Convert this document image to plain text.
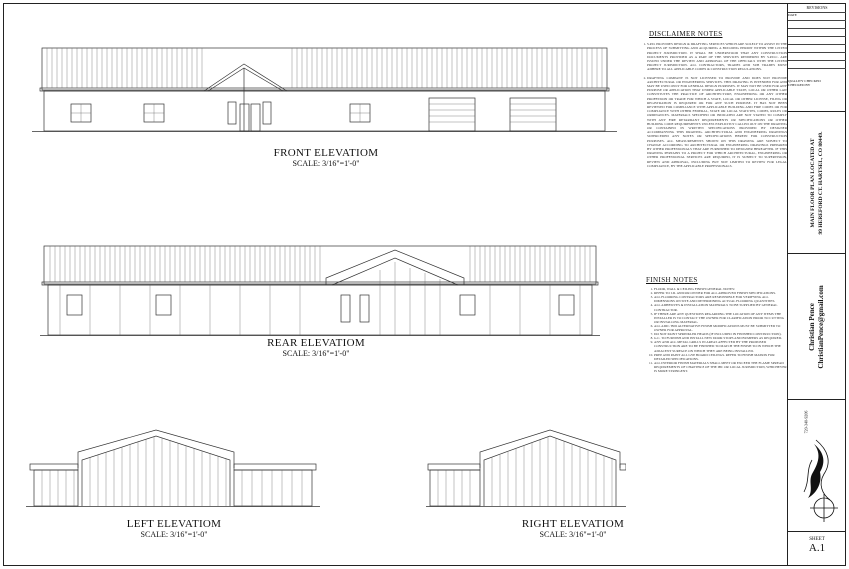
FRONT ELEVATIOM
SCALE: 3/16"=1'-0"
REAR ELEVATIOM
SCALE: 3/16"=1'-0"
LEFT ELEVATIOM
SCALE: 3/16"=1'-0"
RIGHT ELEVATIOM
SCALE: 3/16"=1'-0"
DISCLAIMER NOTES
1. S.P.D. PROVIDES DESIGN & DRAFTING SERVICES WHICH ARE SOLELY TO ASSIST IN THE PROCESS OF SUBMITTING AND ACQUIRING A BUILDING PERMIT WITHIN THE LISTED PROJECT JURISDICTION. IT SHALL BE UNDERSTOOD THAT ANY CONSTRUCTION DOCUMENTS PROVIDED AS A PART OF THE SERVICES RENDERED BY S.P.D.C. ARE ISSUED UNDER THE REVIEW AND APPROVAL OF THE OFFICIALS WITH THE LISTED PROJECT JURISDICTION. ALL CONTRACTORS, TRADES AND SUB TRADES MUST ADHERE TO ALL APPLICABLE CODES & CONSTRUCTION REGULATIONS.
2. DRAFTING COMPANY IS NOT LICENSED TO PROVIDE AND DOES NOT PROVIDE ARCHITECTURAL OR ENGINEERING SERVICES. THIS DRAWING IS INTENDED FOR AND MAY BE USED ONLY FOR GENERAL DESIGN PURPOSES. IT MAY NOT BE USED FOR ANY PURPOSE OR APPLICATION THAT UNDER APPLICABLE STATE, LOCAL OR OTHER LAW CONSTITUTES THE PRACTICE OF ARCHITECTURE, ENGINEERING OR ANY OTHER PROFESSION OR TRADE FOR WHICH A STATE, LOCAL OR OTHER LICENSE, FILING OR REGISTRATION IS REQUIRED OR FOR ANY SUCH PURPOSE. IT HAS NOT BEEN REVIEWED FOR COMPLIANCE WITH APPLICABLE BUILDING AND FIRE CODES OR FOR COMPLIANCE WITH OTHER FEDERAL, STATE OR LOCAL STATUTES, CODES, RULES OR ORDINANCES. MATERIALS SPECIFIED OR INDICATED ARE NOT STATED TO COMPLY WITH ANY FIRE RETARDANT REQUIREMENTS OR SPECIFICATIONS OR OTHER BUILDING CODE REQUIREMENTS UNLESS EXPLICITLY CALLED OUT ON THE DRAWING OR CONTAINED IN WRITTEN SPECIFICATIONS PROVIDED BY DESIGNER ACCOMPANYING THIS DRAWING. ARCHITECTURAL AND ENGINEERING DRAWINGS SUPERCEDED ANY NOTES OR SPECIFICATIONS HEREIN FOR CONSTRUCTION PURPOSES. ALL MEASUREMENTS SHOWN ON THIS DRAWING ARE SUBJECT TO CHANGE ACCORDING TO ARCHITECTURAL OR ENGINEERING DRAWINGS PREPARED BY OTHER PROFESSIONALS THAT ARE FURNISHED TO DESIGNER HEREAFTER. IF THIS DRAWING PERTAINS TO A PROJECT FOR WHICH ARCHITECTURAL, ENGINEERING OR OTHER PROFESSIONAL SERVICES ARE REQUIRED, IT IS SUBJECT TO SUPERVISION, REVIEW AND APPROVAL, INCLUDING BUT NOT LIMITED TO REVIEW FOR LEGAL COMPLIANCE, BY THE APPLICABLE PROFESSIONALS.
FINISH NOTES
1. FLOOR, WALL & CEILING FINISH GENERAL NOTES:
2. REFER TO I.D. AND/OR OWNER FOR ALL APPROVED FINISH SPECIFICATIONS.
3. ALL FLOORING CONTRACTORS ARE RESPONSIBLE FOR VERIFYING ALL DIMENSIONS ON SITE AND DETERMINING ACTUAL FLOORING QUANTITIES.
4. ALL ADHESIVES & INSTALLATION MATERIALS TO BE SUPPLIED BY GENERAL CONTRACTOR.
5. IF THERE ARE ANY QUESTIONS REGARDING THE LOCATION OF ANY ITEMS THE INSTALLER IS TO CONTACT THE OWNER FOR CLARIFICATION PRIOR TO CUTTING OR INSTALLING MATERIAL.
6. ALL ADD / BID ALTERNATIVE FINISH MODIFICATIONS MUST BE SUBMITTED TO OWNER FOR APPROVAL.
7. DO NOT PAINT SPRINKLER HEADS (IF INCLUDED IN FINISHED CONSTRUCTION).
8. G.C. TO FURNISH AND INSTALL NEW DOOR STOPS AND BUMPERS AS REQUIRED.
9. ANY AND ALL METAL GRILLS IN AREAS AFFECTED BY THE PROPOSED CONSTRUCTION ARE TO BE FINISHED TO MATCH THE FINISH TO IN WHICH THE ADJACENT SURFACE ON WHICH THEY ARE BEING INSTALLED.
10. PREP AND PAINT ALL GYP BOARD CEILINGS. REFER TO FINISH MATRIX FOR DETAILED SPECIFICATIONS.
11. ALL INTERIOR FINISH MATERIALS SHALL MEET OR EXCEED THE FLAME SPREAD REQUIREMENTS OF CHAPTER 8 OF THE IBC OR LOCAL JURISDICTION, WHICHEVER IS MORE STRINGENT.
REVISIONS
DATE
QUALITY CHECKED
CHECKED BY
MAIN FLOOR PLAN LOCATED AT 99 HEREFORD CT. HARTSEL, CO 80449.
Christian Pence ChristianPence@gmail.com
720-340-9206
SHEET
A.1
